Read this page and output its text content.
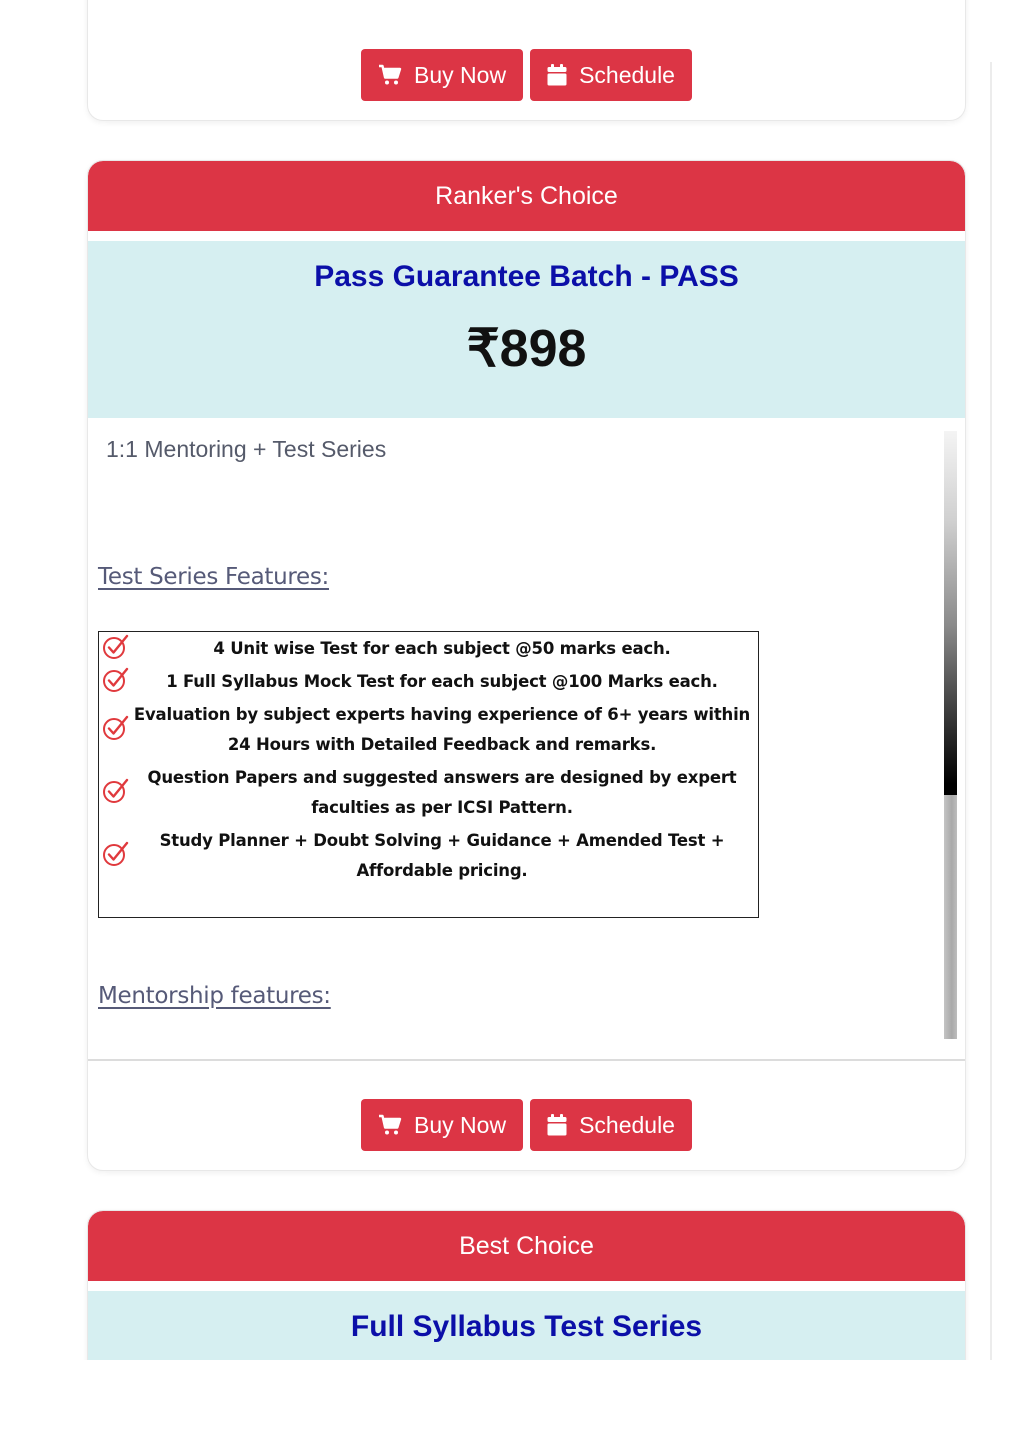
Buy Now	Schedule
Ranker's Choice
Pass Guarantee Batch - PASS
₹898
1:1 Mentoring + Test Series
Test Series Features:
4 Unit wise Test for each subject @50 marks each.
1 Full Syllabus Mock Test for each subject @100 Marks each.
Evaluation by subject experts having experience of 6+ years within 24 Hours with Detailed Feedback and remarks.
Question Papers and suggested answers are designed by expert faculties as per ICSI Pattern.
Study Planner + Doubt Solving + Guidance + Amended Test + Affordable pricing.
Mentorship features:
Buy Now	Schedule
Best Choice
Full Syllabus Test Series
